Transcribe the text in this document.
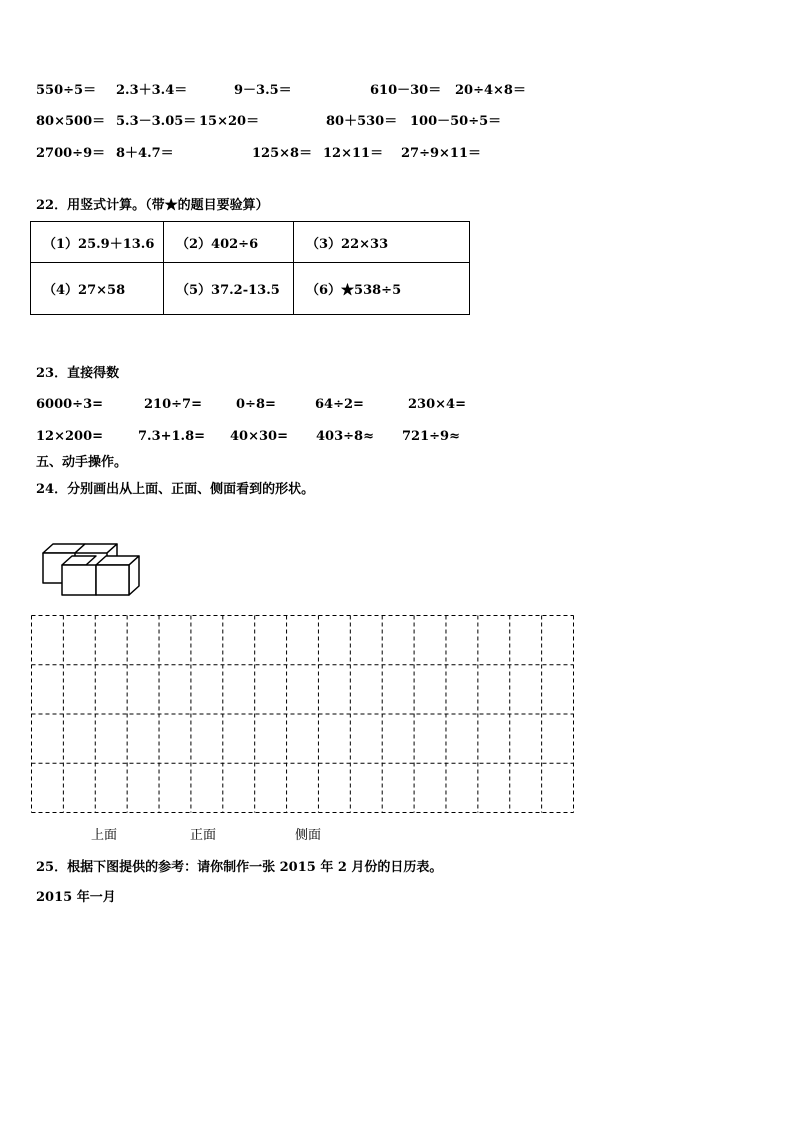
550÷5＝ 2.3＋3.4＝	9－3.5＝	610－30＝ 20÷4×8＝
80×500＝ 5.3－3.05＝ 15×20＝	80＋530＝ 100－50÷5＝
2700÷9＝ 8＋4.7＝	125×8＝ 12×11＝ 27÷9×11＝
22．用竖式计算。（带★的题目要验算）
（1）25.9＋13.6	（2）402÷6	（3）22×33
（4）27×58	（5）37.2-13.5	（6）★538÷5
23．直接得数
6000÷3=	210÷7=	0÷8=	64÷2=	230×4=
12×200=	7.3+1.8= 40×30= 403÷8≈ 721÷9≈
五、动手操作。
24．分别画出从上面、正面、侧面看到的形状。
上面	正面	侧面
25．根据下图提供的参考：请你制作一张 2015 年 2 月份的日历表。
2015 年一月
